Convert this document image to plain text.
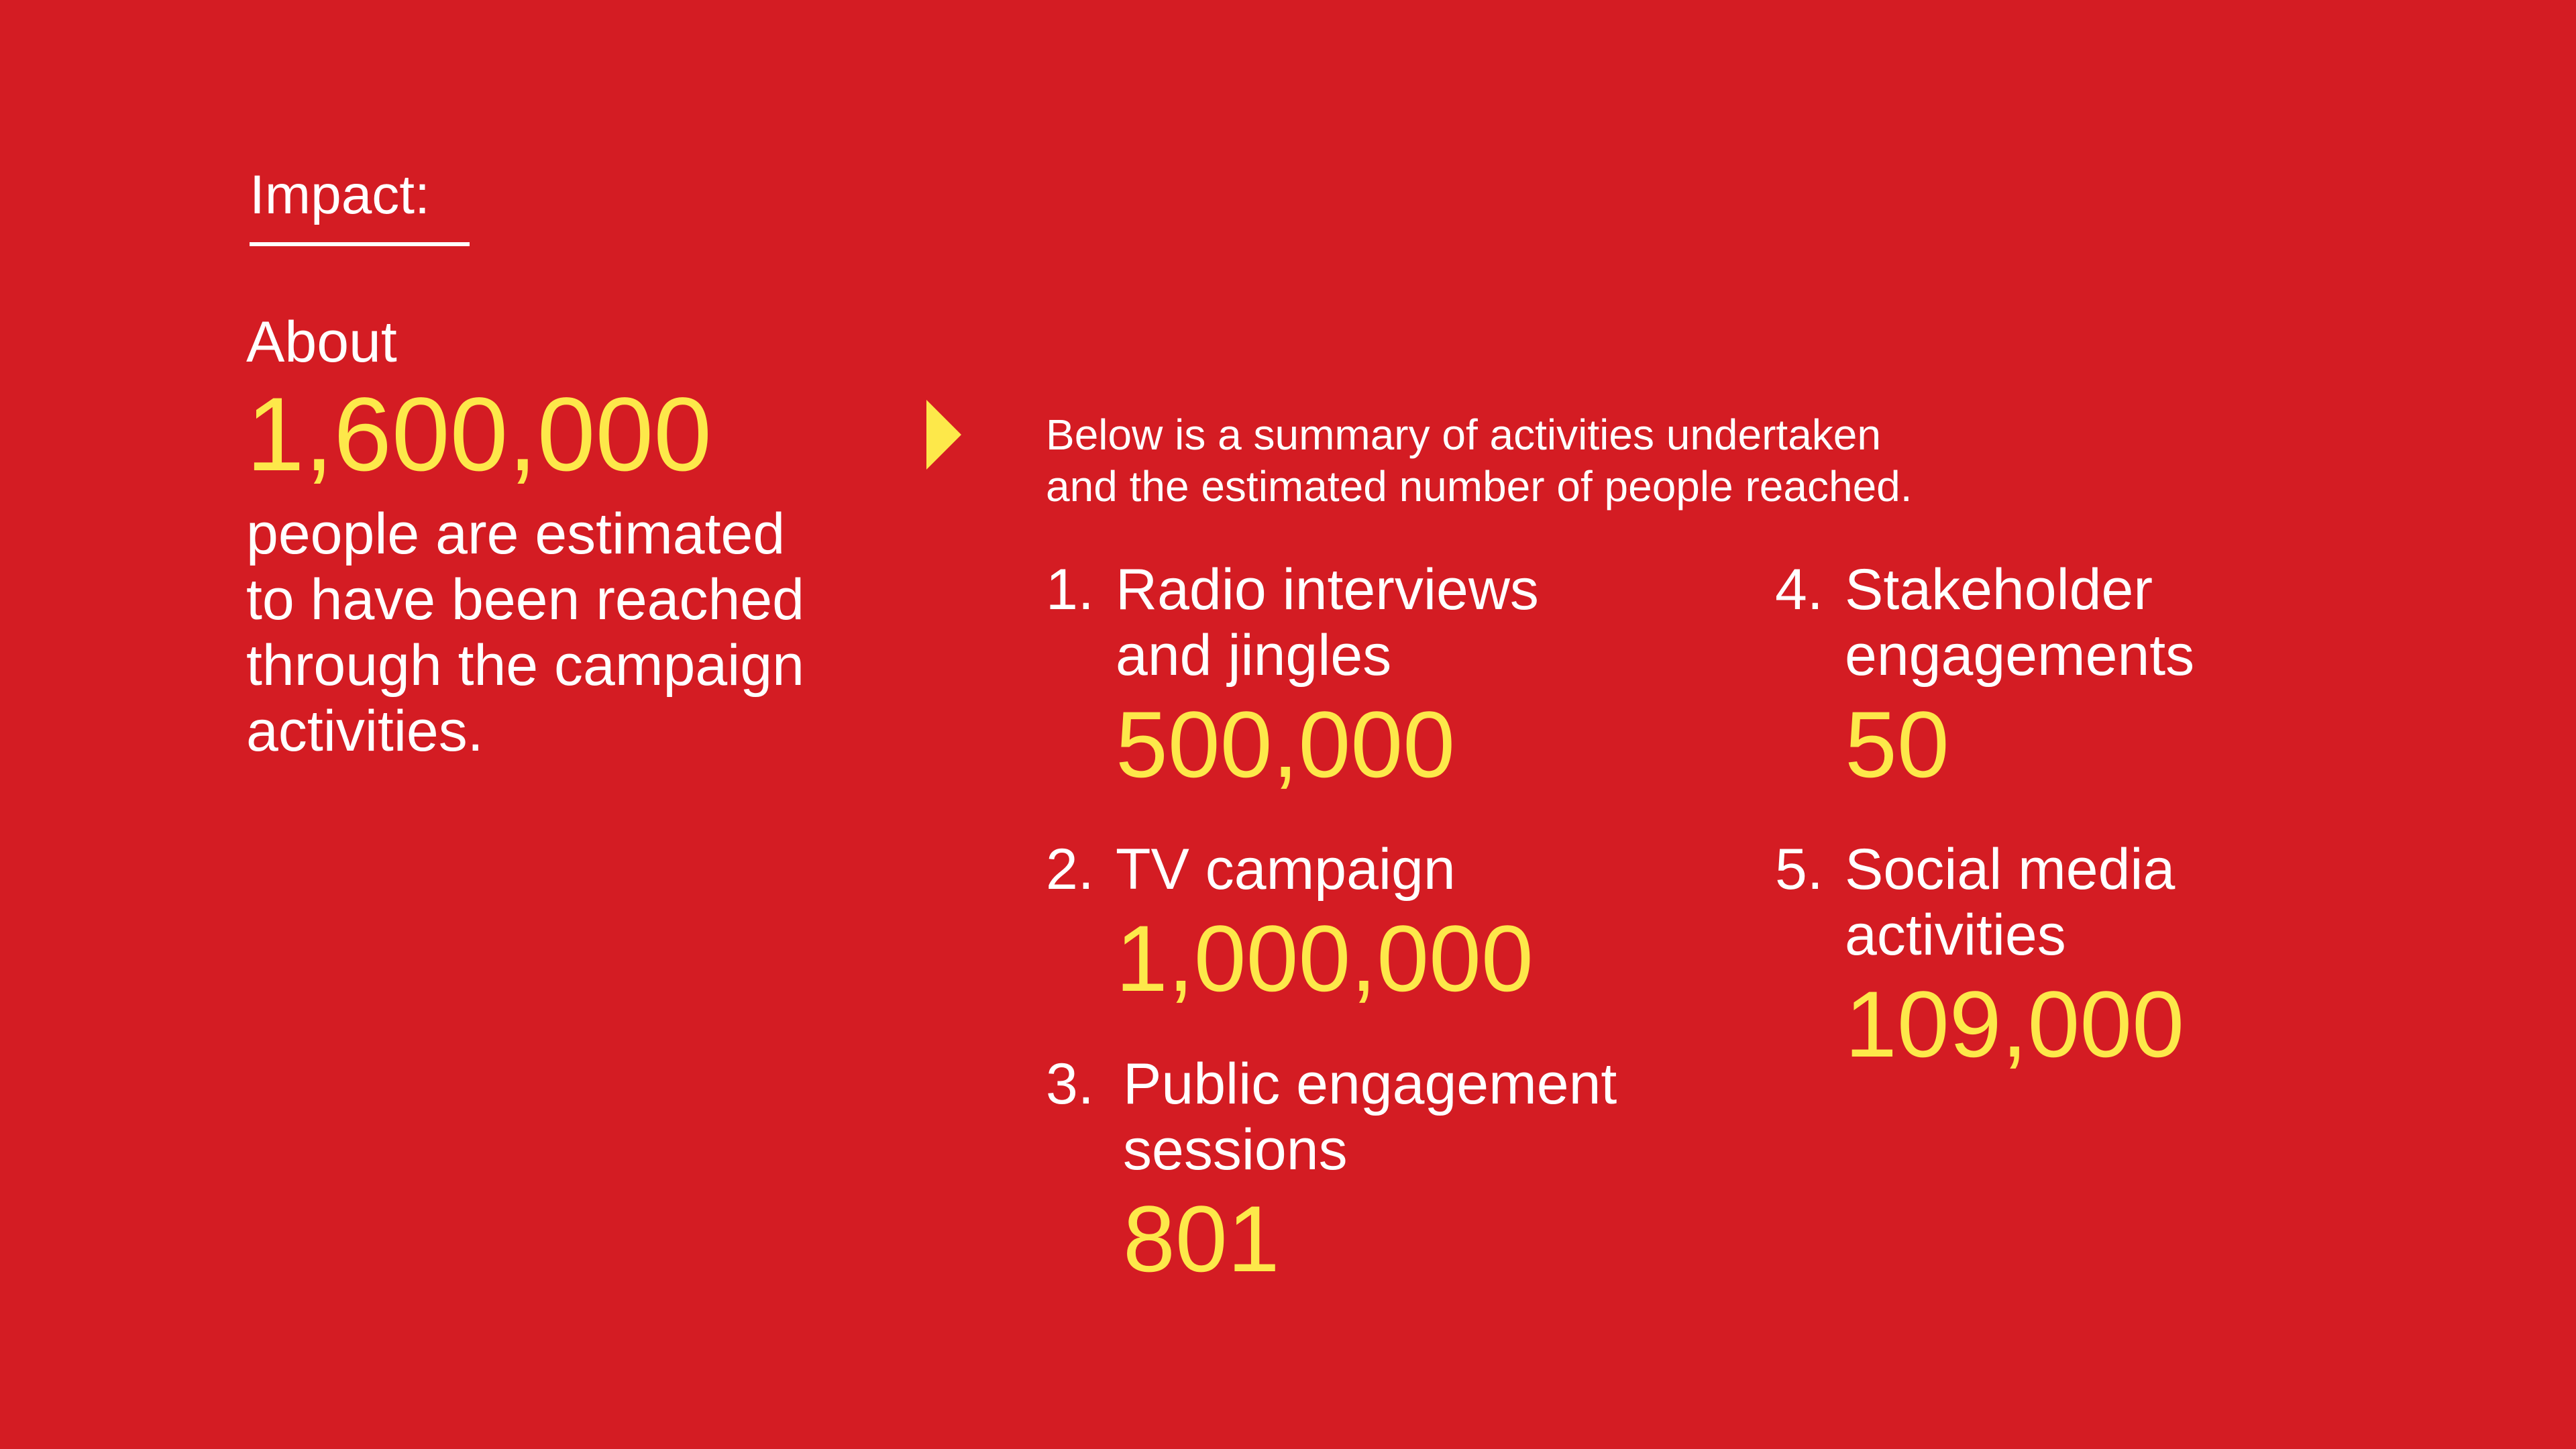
Impact:
About
1,600,000
people are estimated
to have been reached
through the campaign
activities.
Below is a summary of activities undertaken
and the estimated number of people reached.
1. Radio interviews
and jingles
500,000
2. TV campaign
1,000,000
3. Public engagement
sessions
801
4. Stakeholder
engagements
50
5. Social media
activities
109,000
